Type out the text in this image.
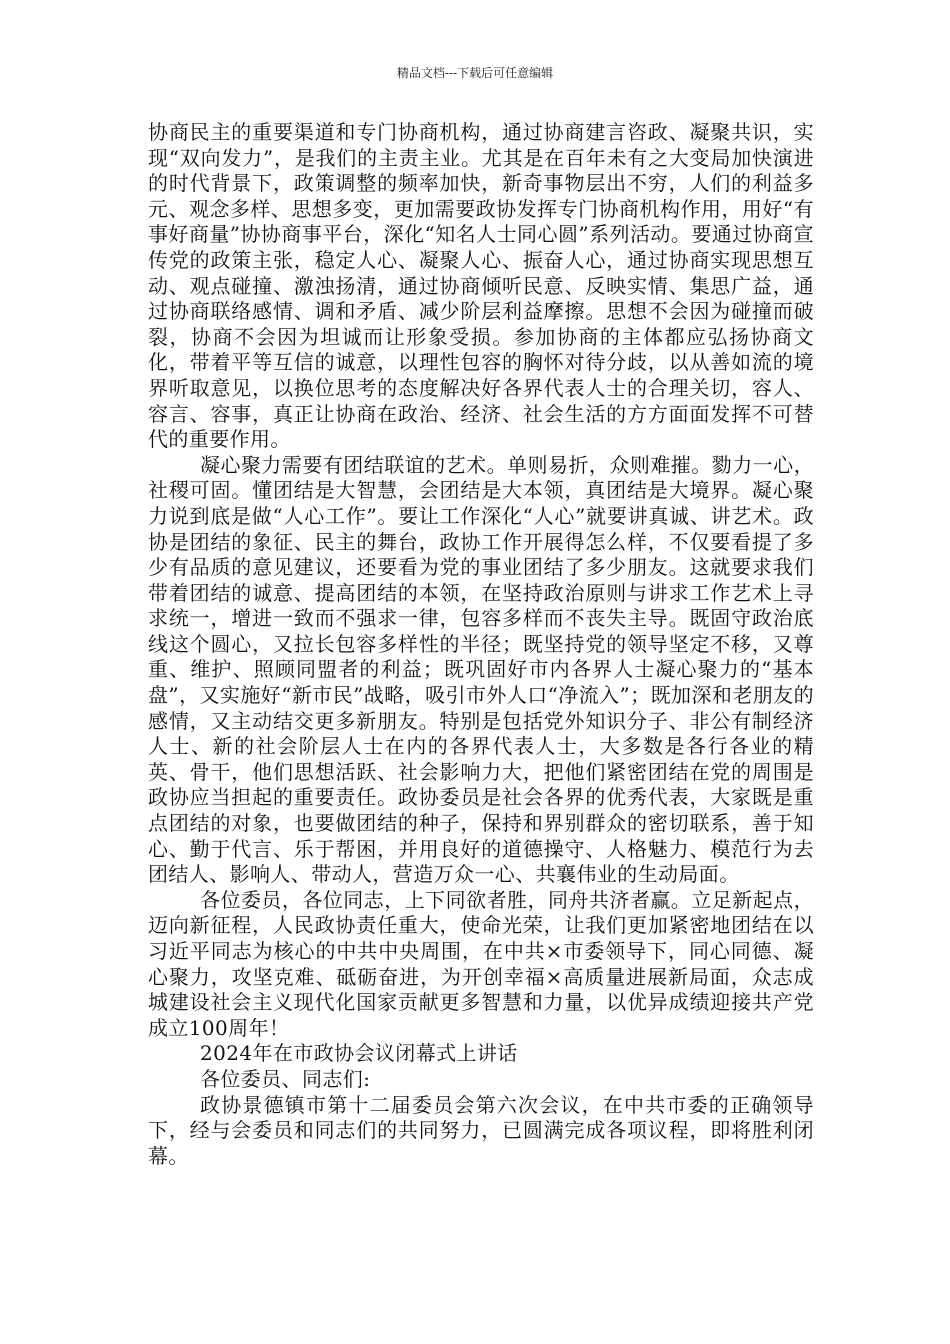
精品文档---下载后可任意编辑

协商民主的重要渠道和专门协商机构，通过协商建言咨政、凝聚共识，实现“双向发力”，是我们的主责主业。尤其是在百年未有之大变局加快演进的时代背景下，政策调整的频率加快，新奇事物层出不穷，人们的利益多元、观念多样、思想多变，更加需要政协发挥专门协商机构作用，用好“有事好商量”协协商事平台，深化“知名人士同心圆”系列活动。要通过协商宣传党的政策主张，稳定人心、凝聚人心、振奋人心，通过协商实现思想互动、观点碰撞、激浊扬清，通过协商倾听民意、反映实情、集思广益，通过协商联络感情、调和矛盾、减少阶层利益摩擦。思想不会因为碰撞而破裂，协商不会因为坦诚而让形象受损。参加协商的主体都应弘扬协商文化，带着平等互信的诚意，以理性包容的胸怀对待分歧，以从善如流的境界听取意见，以换位思考的态度解决好各界代表人士的合理关切，容人、容言、容事，真正让协商在政治、经济、社会生活的方方面面发挥不可替代的重要作用。

凝心聚力需要有团结联谊的艺术。单则易折，众则难摧。勠力一心，社稷可固。懂团结是大智慧，会团结是大本领，真团结是大境界。凝心聚力说到底是做“人心工作”。要让工作深化“人心”就要讲真诚、讲艺术。政协是团结的象征、民主的舞台，政协工作开展得怎么样，不仅要看提了多少有品质的意见建议，还要看为党的事业团结了多少朋友。这就要求我们带着团结的诚意、提高团结的本领，在坚持政治原则与讲求工作艺术上寻求统一，增进一致而不强求一律，包容多样而不丧失主导。既固守政治底线这个圆心，又拉长包容多样性的半径；既坚持党的领导坚定不移，又尊重、维护、照顾同盟者的利益；既巩固好市内各界人士凝心聚力的“基本盘”，又实施好“新市民”战略，吸引市外人口“净流入”；既加深和老朋友的感情，又主动结交更多新朋友。特别是包括党外知识分子、非公有制经济人士、新的社会阶层人士在内的各界代表人士，大多数是各行各业的精英、骨干，他们思想活跃、社会影响力大，把他们紧密团结在党的周围是政协应当担起的重要责任。政协委员是社会各界的优秀代表，大家既是重点团结的对象，也要做团结的种子，保持和界别群众的密切联系，善于知心、勤于代言、乐于帮困，并用良好的道德操守、人格魅力、模范行为去团结人、影响人、带动人，营造万众一心、共襄伟业的生动局面。

各位委员，各位同志，上下同欲者胜，同舟共济者赢。立足新起点，迈向新征程，人民政协责任重大，使命光荣，让我们更加紧密地团结在以习近平同志为核心的中共中央周围，在中共×市委领导下，同心同德、凝心聚力，攻坚克难、砥砺奋进，为开创幸福×高质量进展新局面，众志成城建设社会主义现代化国家贡献更多智慧和力量，以优异成绩迎接共产党成立100周年！

2024年在市政协会议闭幕式上讲话

各位委员、同志们:

政协景德镇市第十二届委员会第六次会议，在中共市委的正确领导下，经与会委员和同志们的共同努力，已圆满完成各项议程，即将胜利闭幕。
